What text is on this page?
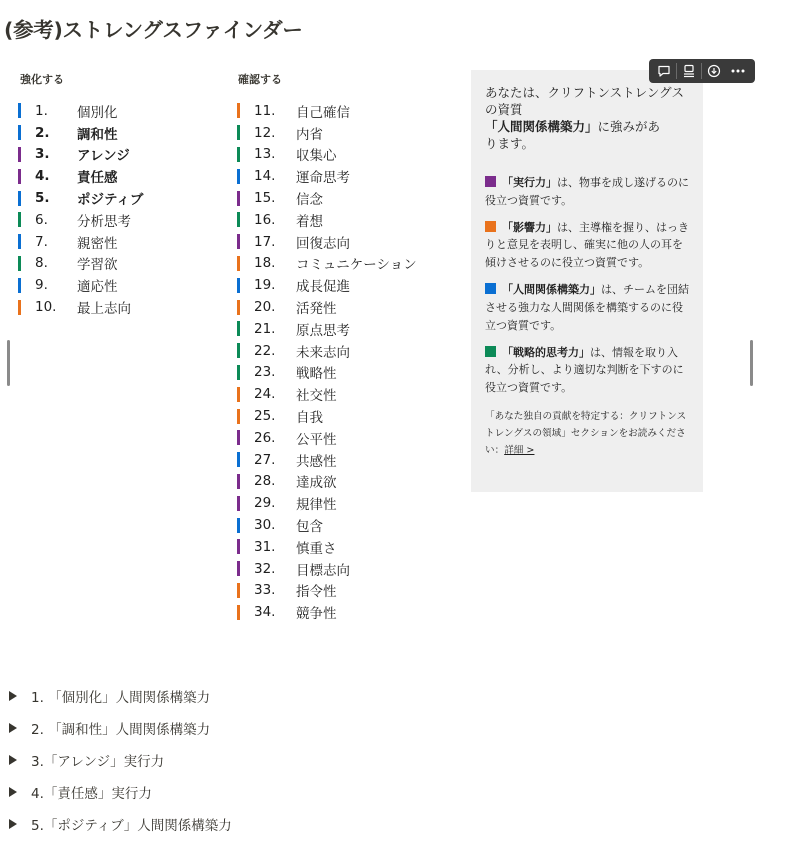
(参考)ストレングスファインダー
強化する
1.	個別化
2.	調和性
3.	アレンジ
4.	責任感
5.	ポジティブ
6.	分析思考
7.	親密性
8.	学習欲
9.	適応性
10.	最上志向
確認する
11.	自己確信
12.	内省
13.	収集心
14.	運命思考
15.	信念
16.	着想
17.	回復志向
18.	コミュニケーション
19.	成長促進
20.	活発性
21.	原点思考
22.	未来志向
23.	戦略性
24.	社交性
25.	自我
26.	公平性
27.	共感性
28.	達成欲
29.	規律性
30.	包含
31.	慎重さ
32.	目標志向
33.	指令性
34.	競争性

あなたは、クリフトンストレングス
の資質
「人間関係構築力」に強みがあ
ります。

「実行力」は、物事を成し遂げるのに役立つ資質です。

「影響力」は、主導権を握り、はっきりと意見を表明し、確実に他の人の耳を傾けさせるのに役立つ資質です。

「人間関係構築力」は、チームを団結させる強力な人間関係を構築するのに役立つ資質です。

「戦略的思考力」は、情報を取り入れ、分析し、より適切な判断を下すのに役立つ資質です。

「あなた独自の貢献を特定する：クリフトンストレングスの領域」セクションをお読みください：詳細 >
1. 「個別化」人間関係構築力
2. 「調和性」人間関係構築力
3.「アレンジ」実行力
4.「責任感」実行力
5.「ポジティブ」人間関係構築力
